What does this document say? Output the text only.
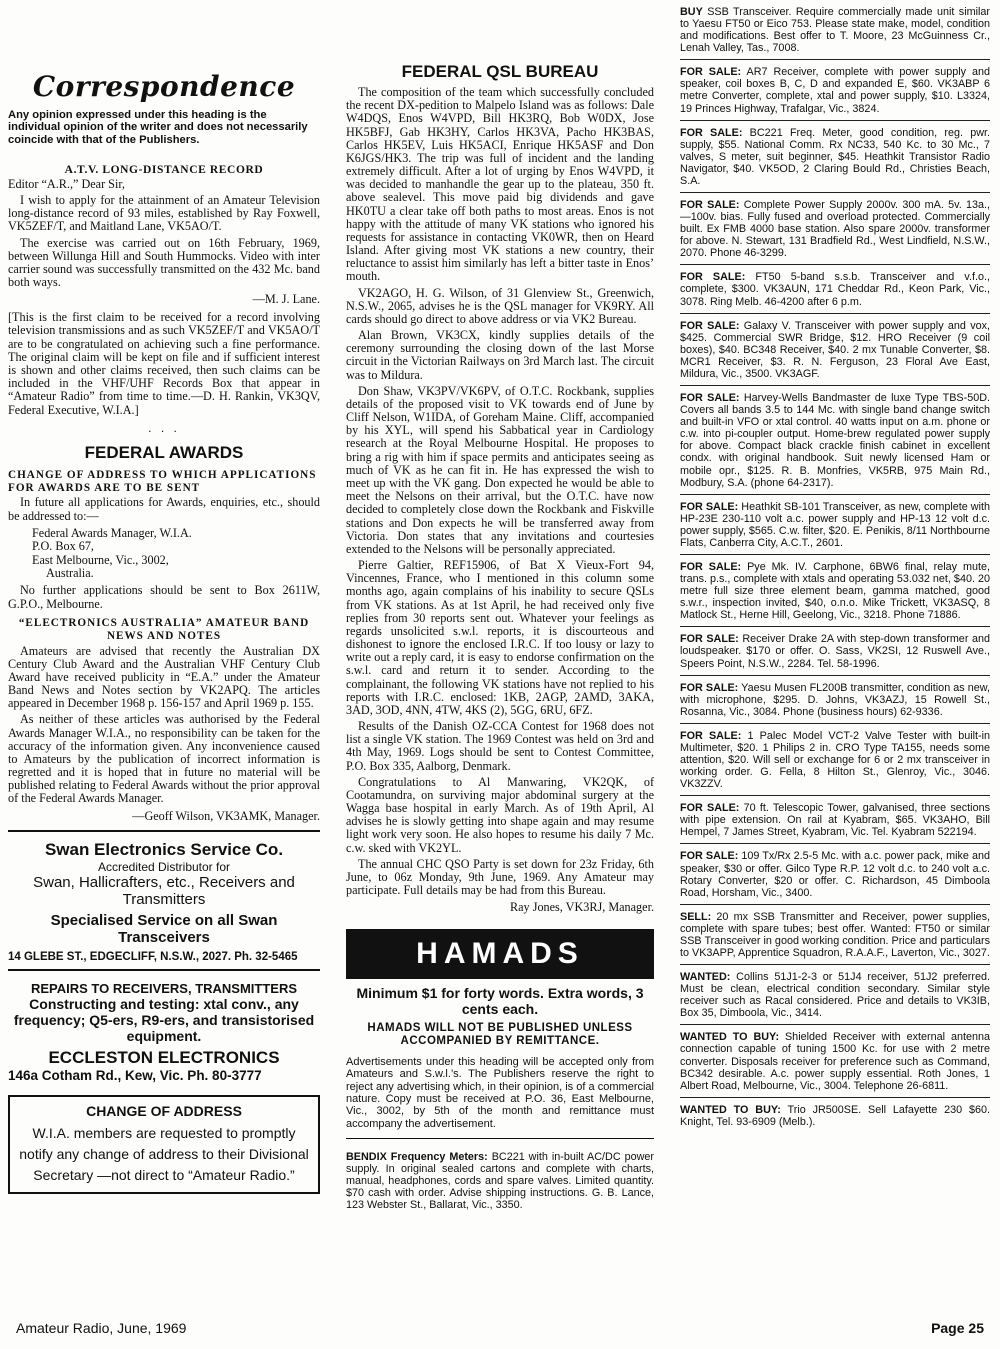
Correspondence
Any opinion expressed under this heading is the individual opinion of the writer and does not necessarily coincide with that of the Publishers.
A.T.V. LONG-DISTANCE RECORD

Editor “A.R.,” Dear Sir,

I wish to apply for the attainment of an Amateur Television long-distance record of 93 miles, established by Ray Foxwell, VK5ZEF/T, and Maitland Lane, VK5AO/T.

The exercise was carried out on 16th February, 1969, between Willunga Hill and South Hummocks. Video with inter carrier sound was successfully transmitted on the 432 Mc. band both ways.

—M. J. Lane.

[This is the first claim to be received for a record involving television transmissions and as such VK5ZEF/T and VK5AO/T are to be congratulated on achieving such a fine performance. The original claim will be kept on file and if sufficient interest is shown and other claims received, then such claims can be included in the VHF/UHF Records Box that appear in “Amateur Radio” from time to time.—D. H. Rankin, VK3QV, Federal Executive, W.I.A.]

. . .
FEDERAL AWARDS
CHANGE OF ADDRESS TO WHICH APPLICATIONS FOR AWARDS ARE TO BE SENT

In future all applications for Awards, enquiries, etc., should be addressed to:—

Federal Awards Manager, W.I.A.
P.O. Box 67,
East Melbourne, Vic., 3002,
Australia.

No further applications should be sent to Box 2611W, G.P.O., Melbourne.

“ELECTRONICS AUSTRALIA” AMATEUR BAND NEWS AND NOTES

Amateurs are advised that recently the Australian DX Century Club Award and the Australian VHF Century Club Award have received publicity in “E.A.” under the Amateur Band News and Notes section by VK2APQ. The articles appeared in December 1968 p. 156-157 and April 1969 p. 155.

As neither of these articles was authorised by the Federal Awards Manager W.I.A., no responsibility can be taken for the accuracy of the information given. Any inconvenience caused to Amateurs by the publication of incorrect information is regretted and it is hoped that in future no material will be published relating to Federal Awards without the prior approval of the Federal Awards Manager.

—Geoff Wilson, VK3AMK, Manager.

Swan Electronics Service Co.
Accredited Distributor for
Swan, Hallicrafters, etc., Receivers and Transmitters
Specialised Service on all Swan Transceivers
14 GLEBE ST., EDGECLIFF, N.S.W., 2027. Ph. 32-5465
REPAIRS TO RECEIVERS, TRANSMITTERS
Constructing and testing: xtal conv., any frequency; Q5-ers, R9-ers, and transistorised equipment.
ECCLESTON ELECTRONICS
146a Cotham Rd., Kew, Vic. Ph. 80-3777
CHANGE OF ADDRESS
W.I.A. members are requested to promptly notify any change of address to their Divisional Secretary —not direct to “Amateur Radio.”
FEDERAL QSL BUREAU

The composition of the team which successfully concluded the recent DX-pedition to Malpelo Island was as follows: Dale W4DQS, Enos W4VPD, Bill HK3RQ, Bob W0DX, Jose HK5BFJ, Gab HK3HY, Carlos HK3VA, Pacho HK3BAS, Carlos HK5EV, Luis HK5ACI, Enrique HK5ASF and Don K6JGS/HK3. The trip was full of incident and the landing extremely difficult. After a lot of urging by Enos W4VPD, it was decided to manhandle the gear up to the plateau, 350 ft. above sealevel. This move paid big dividends and gave HK0TU a clear take off both paths to most areas. Enos is not happy with the attitude of many VK stations who ignored his requests for assistance in contacting VK0WR, then on Heard Island. After giving most VK stations a new country, their reluctance to assist him similarly has left a bitter taste in Enos’ mouth.

VK2AGO, H. G. Wilson, of 31 Glenview St., Greenwich, N.S.W., 2065, advises he is the QSL manager for VK9RY. All cards should go direct to above address or via VK2 Bureau.

Alan Brown, VK3CX, kindly supplies details of the ceremony surrounding the closing down of the last Morse circuit in the Victorian Railways on 3rd March last. The circuit was to Mildura.

Don Shaw, VK3PV/VK6PV, of O.T.C. Rockbank, supplies details of the proposed visit to VK towards end of June by Cliff Nelson, W1IDA, of Goreham Maine. Cliff, accompanied by his XYL, will spend his Sabbatical year in Cardiology research at the Royal Melbourne Hospital. He proposes to bring a rig with him if space permits and anticipates seeing as much of VK as he can fit in. He has expressed the wish to meet up with the VK gang. Don expected he would be able to meet the Nelsons on their arrival, but the O.T.C. have now decided to completely close down the Rockbank and Fiskville stations and Don expects he will be transferred away from Victoria. Don states that any invitations and courtesies extended to the Nelsons will be personally appreciated.

Pierre Galtier, REF15906, of Bat X Vieux-Fort 94, Vincennes, France, who I mentioned in this column some months ago, again complains of his inability to secure QSLs from VK stations. As at 1st April, he had received only five replies from 30 reports sent out. Whatever your feelings as regards unsolicited s.w.l. reports, it is discourteous and dishonest to ignore the enclosed I.R.C. If too lousy or lazy to write out a reply card, it is easy to endorse confirmation on the s.w.l. card and return it to sender. According to the complainant, the following VK stations have not replied to his reports with I.R.C. enclosed: 1KB, 2AGP, 2AMD, 3AKA, 3AD, 3OD, 4NN, 4TW, 4KS (2), 5GG, 6RU, 6FZ.

Results of the Danish OZ-CCA Contest for 1968 does not list a single VK station. The 1969 Contest was held on 3rd and 4th May, 1969. Logs should be sent to Contest Committee, P.O. Box 335, Aalborg, Denmark.

Congratulations to Al Manwaring, VK2QK, of Cootamundra, on surviving major abdominal surgery at the Wagga base hospital in early March. As of 19th April, Al advises he is slowly getting into shape again and may resume light work very soon. He also hopes to resume his daily 7 Mc. c.w. sked with VK2YL.

The annual CHC QSO Party is set down for 23z Friday, 6th June, to 06z Monday, 9th June, 1969. Any Amateur may participate. Full details may be had from this Bureau.

Ray Jones, VK3RJ, Manager.

HAMADS
Minimum $1 for forty words. Extra words, 3 cents each.
HAMADS WILL NOT BE PUBLISHED UNLESS ACCOMPANIED BY REMITTANCE.
Advertisements under this heading will be accepted only from Amateurs and S.w.l.’s. The Publishers reserve the right to reject any advertising which, in their opinion, is of a commercial nature. Copy must be received at P.O. 36, East Melbourne, Vic., 3002, by 5th of the month and remittance must accompany the advertisement.

BENDIX Frequency Meters: BC221 with in-built AC/DC power supply. In original sealed cartons and complete with charts, manual, headphones, cords and spare valves. Limited quantity. $70 cash with order. Advise shipping instructions. G. B. Lance, 123 Webster St., Ballarat, Vic., 3350.

BUY SSB Transceiver. Require commercially made unit similar to Yaesu FT50 or Eico 753. Please state make, model, condition and modifications. Best offer to T. Moore, 23 McGuinness Cr., Lenah Valley, Tas., 7008.

FOR SALE: AR7 Receiver, complete with power supply and speaker, coil boxes B, C, D and expanded E, $60. VK3ABP 6 metre Converter, complete, xtal and power supply, $10. L3324, 19 Princes Highway, Trafalgar, Vic., 3824.

FOR SALE: BC221 Freq. Meter, good condition, reg. pwr. supply, $55. National Comm. Rx NC33, 540 Kc. to 30 Mc., 7 valves, S meter, suit beginner, $45. Heathkit Transistor Radio Navigator, $40. VK5OD, 2 Claring Bould Rd., Christies Beach, S.A.

FOR SALE: Complete Power Supply 2000v. 300 mA. 5v. 13a., —100v. bias. Fully fused and overload protected. Commercially built. Ex FMB 4000 base station. Also spare 2000v. transformer for above. N. Stewart, 131 Bradfield Rd., West Lindfield, N.S.W., 2070. Phone 46-3299.

FOR SALE: FT50 5-band s.s.b. Transceiver and v.f.o., complete, $300. VK3AUN, 171 Cheddar Rd., Keon Park, Vic., 3078. Ring Melb. 46-4200 after 6 p.m.

FOR SALE: Galaxy V. Transceiver with power supply and vox, $425. Commercial SWR Bridge, $12. HRO Receiver (9 coil boxes), $40. BC348 Receiver, $40. 2 mx Tunable Converter, $8. MCR1 Receiver, $3. R. N. Ferguson, 23 Floral Ave East, Mildura, Vic., 3500. VK3AGF.

FOR SALE: Harvey-Wells Bandmaster de luxe Type TBS-50D. Covers all bands 3.5 to 144 Mc. with single band change switch and built-in VFO or xtal control. 40 watts input on a.m. phone or c.w. into pi-coupler output. Home-brew regulated power supply for above. Compact black crackle finish cabinet in excellent condx. with original handbook. Suit newly licensed Ham or mobile opr., $125. R. B. Monfries, VK5RB, 975 Main Rd., Modbury, S.A. (phone 64-2317).

FOR SALE: Heathkit SB-101 Transceiver, as new, complete with HP-23E 230-110 volt a.c. power supply and HP-13 12 volt d.c. power supply, $565. C.w. filter, $20. E. Penikis, 8/11 Northbourne Flats, Canberra City, A.C.T., 2601.

FOR SALE: Pye Mk. IV. Carphone, 6BW6 final, relay mute, trans. p.s., complete with xtals and operating 53.032 net, $40. 20 metre full size three element beam, gamma matched, good s.w.r., inspection invited, $40, o.n.o. Mike Trickett, VK3ASQ, 8 Matlock St., Herne Hill, Geelong, Vic., 3218. Phone 71886.

FOR SALE: Receiver Drake 2A with step-down transformer and loudspeaker. $170 or offer. O. Sass, VK2SI, 12 Ruswell Ave., Speers Point, N.S.W., 2284. Tel. 58-1996.

FOR SALE: Yaesu Musen FL200B transmitter, condition as new, with microphone, $295. D. Johns, VK3AZJ, 15 Rowell St., Rosanna, Vic., 3084. Phone (business hours) 62-9336.

FOR SALE: 1 Palec Model VCT-2 Valve Tester with built-in Multimeter, $20. 1 Philips 2 in. CRO Type TA155, needs some attention, $20. Will sell or exchange for 6 or 2 mx transceiver in working order. G. Fella, 8 Hilton St., Glenroy, Vic., 3046. VK3ZZV.

FOR SALE: 70 ft. Telescopic Tower, galvanised, three sections with pipe extension. On rail at Kyabram, $65. VK3AHO, Bill Hempel, 7 James Street, Kyabram, Vic. Tel. Kyabram 522194.

FOR SALE: 109 Tx/Rx 2.5-5 Mc. with a.c. power pack, mike and speaker, $30 or offer. Gilco Type R.P. 12 volt d.c. to 240 volt a.c. Rotary Converter, $20 or offer. C. Richardson, 45 Dimboola Road, Horsham, Vic., 3400.

SELL: 20 mx SSB Transmitter and Receiver, power supplies, complete with spare tubes; best offer. Wanted: FT50 or similar SSB Transceiver in good working condition. Price and particulars to VK3APP, Apprentice Squadron, R.A.A.F., Laverton, Vic., 3027.

WANTED: Collins 51J1-2-3 or 51J4 receiver, 51J2 preferred. Must be clean, electrical condition secondary. Similar style receiver such as Racal considered. Price and details to VK3IB, Box 35, Dimboola, Vic., 3414.

WANTED TO BUY: Shielded Receiver with external antenna connection capable of tuning 1500 Kc. for use with 2 metre converter. Disposals receiver for preference such as Command, BC342 desirable. A.c. power supply essential. Roth Jones, 1 Albert Road, Melbourne, Vic., 3004. Telephone 26-6811.

WANTED TO BUY: Trio JR500SE. Sell Lafayette 230 $60. Knight, Tel. 93-6909 (Melb.).

Amateur Radio, June, 1969	Page 25
